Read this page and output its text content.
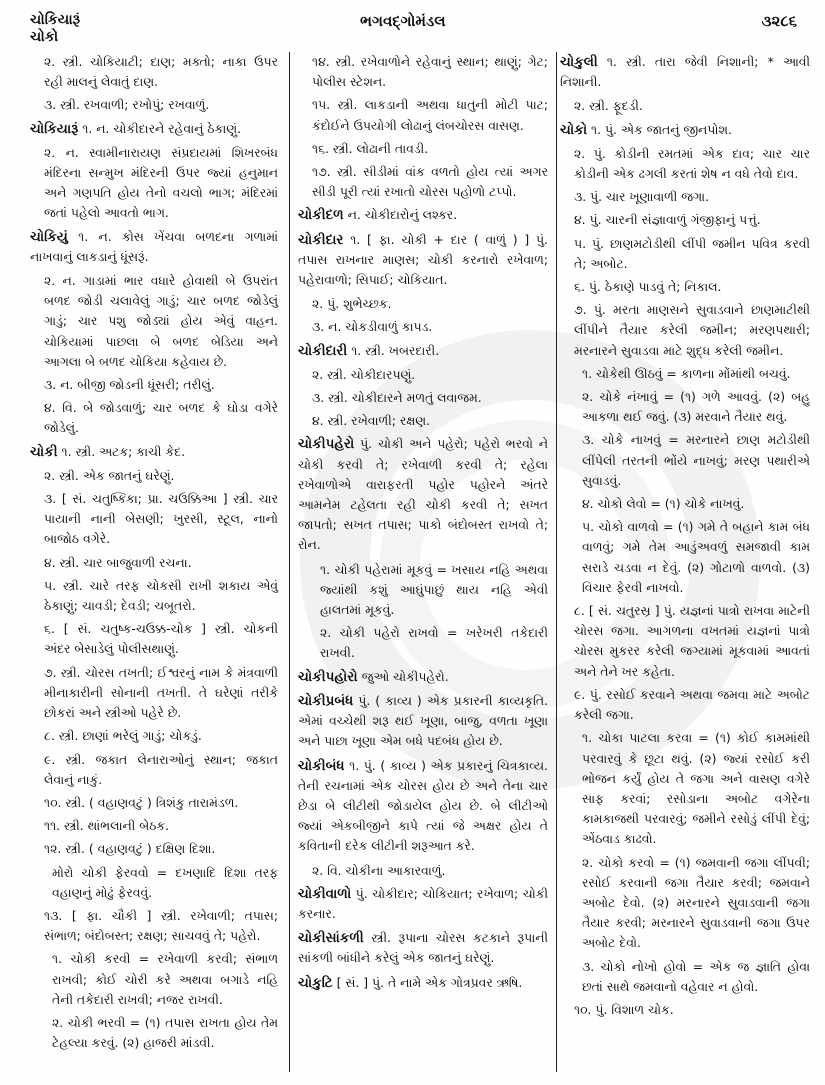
ચોકિયારૂં
ચોકો
ભગવદ્ગોમંડલ	૩૨૮૬
૨. સ્ત્રી. ચોકિયાટી; દાણ; મક્તો; નાકા ઉપર રહી માલનું લેવાતું દાણ.
૩. સ્ત્રી. રખવાળી; રખોપું; રખવાળું.
ચોકિયારૂં ૧. ન. ચોકીદારને રહેવાનું ઠેકાણું.
૨. ન. સ્વામીનારાયણ સંપ્રદાયમાં શિખરબંધ મંદિરના સન્મુખ મંદિરની ઉપર જ્યાં હનુમાન અને ગણપતિ હોય તેનો વચલો ભાગ; મંદિરમાં જતાં પહેલો આવતો ભાગ.
ચોકિયું ૧. ન. કોસ ખેંચવા બળદના ગળામાં નાખવાનું લાકડાનું ધૂંસરૂં.
૨. ન. ગાડામાં ભાર વધારે હોવાથી બે ઉપરાંત બળદ જોડી ચલાવેલું ગાડું; ચાર બળદ જોડેલું ગાડું; ચાર પશુ જોડ્યાં હોય એવું વાહન. ચોકિયામાં પાછલા બે બળદ બેડિયા અને આગલા બે બળદ ચોકિયા કહેવાય છે.
૩. ન. બીજી જોડની ધૂંસરી; તરીલું.
૪. વિ. બે જોડવાળું; ચાર બળદ કે ઘોડા વગેરે જોડેલું.
ચોકી ૧. સ્ત્રી. અટક; કાચી કેદ.
૨. સ્ત્રી. એક જાતનું ઘરેણું.
૩. [ સં. ચતુષ્કિકા; પ્રા. ચઉક્કિઆ ] સ્ત્રી. ચાર પાયાની નાની બેસણી; ખુરસી, સ્ટૂલ, નાનો બાજોઠ વગેરે.
૪. સ્ત્રી. ચાર બાજુવાળી રચના.
૫. સ્ત્રી. ચારે તરફ ચોકસી રાખી શકાય એવું ઠેકાણું; ચાવડી; દેવડી; ચબૂતરો.
૬. [ સં. ચતુષ્ક-ચઉક્ક-ચોક ] સ્ત્રી. ચોકની અંદર બેસાડેલું પોલીસથાણું.
૭. સ્ત્રી. ચોરસ તખતી; ઈશ્વરનું નામ કે મંત્રવાળી મીનાકારીની સોનાની તખતી. તે ઘરેણાં તરીકે છોકરાં અને સ્ત્રીઓ પહેરે છે.
૮. સ્ત્રી. છાણાં ભરેલું ગાડું; ચોકડું.
૯. સ્ત્રી. જકાત લેનારાઓનું સ્થાન; જકાત લેવાનું નાકું.
૧૦. સ્ત્રી. ( વહાણવટું ) ત્રિશંકુ તારામંડળ.
૧૧. સ્ત્રી. થાંભલાની બેઠક.
૧૨. સ્ત્રી. ( વહાણવટું ) દક્ષિણ દિશા.
મોરો ચોકી ફેરવવો = દખણાદિ દિશા તરફ વહાણનું મોઢું ફેરવવું.
૧૩. [ ફા. ચૌકી ] સ્ત્રી. રખેવાળી; તપાસ; સંભાળ; બંદોબસ્ત; રક્ષણ; સાચવવું તે; પહેરો.
૧. ચોકી કરવી = રખેવાળી કરવી; સંભાળ રાખવી; કોઈ ચોરી કરે અથવા બગાડે નહિ તેની તકેદારી રાખવી; નજર રાખવી.
૨. ચોકી ભરવી = (૧) તપાસ રાખતા હોય તેમ ટેહલ્યા કરવું. (૨) હાજરી માંડવી.
૧૪. સ્ત્રી. રખેવાળોને રહેવાનું સ્થાન; થાણું; ગેટ; પોલીસ સ્ટેશન.
૧૫. સ્ત્રી. લાકડાની અથવા ધાતુની મોટી પાટ; કંદોઈને ઉપયોગી લોઢાનું લંબચોરસ વાસણ.
૧૬. સ્ત્રી. લોઢાની તાવડી.
૧૭. સ્ત્રી. સીડીમાં વાંક વળતો હોય ત્યાં અગર સીડી પૂરી ત્યાં રખાતો ચોરસ પહોળો ટપ્પો.
ચોકીદળ ન. ચોકીદારોનું લશ્કર.
ચોકીદાર ૧. [ ફા. ચોકી + દાર ( વાળું ) ] પું. તપાસ રાખનાર માણસ; ચોકી કરનારો રખેવાળ; પહેરાવાળો; સિપાઈ; ચોકિયાત.
૨. પું. શુભેચ્છક.
૩. ન. ચોકડીવાળું કાપડ.
ચોકીદારી ૧. સ્ત્રી. ખબરદારી.
૨. સ્ત્રી. ચોકીદારપણું.
૩. સ્ત્રી. ચોકીદારને મળતું લવાજમ.
૪. સ્ત્રી. રખેવાળી; રક્ષણ.
ચોકીપહેરો પું. ચોકી અને પહેરો; પહેરો ભરવો ને ચોકી કરવી તે; રખેવાળી કરવી તે; રહેલા રખેવાળોએ વારાફરતી પહોર પહોરને અંતરે આમનેમ ટહેલતા રહી ચોકી કરવી તે; સખત જાપતો; સખત તપાસ; પાકો બંદોબસ્ત રાખવો તે; રોન.
૧. ચોકી પહેરામાં મૂકવું = ખસાય નહિ અથવા જ્યાંથી કશું આઘુંપાછું થાય નહિ એવી હાલતમાં મૂકવું.
૨. ચોકી પહેરો રાખવો = ખરેખરી તકેદારી રાખવી.
ચોકીપહોરો જુઓ ચોકીપહેરો.
ચોકીપ્રબંધ પું. ( કાવ્ય ) એક પ્રકારની કાવ્યકૃતિ. એમાં વચ્ચેથી શરૂ થઈ ખૂણા, બાજુ, વળતા ખૂણા અને પાછા ખૂણા એમ બધે પદબંધ હોય છે.
ચોકીબંધ ૧. પું. ( કાવ્ય ) એક પ્રકારનું ચિત્રકાવ્ય. તેની રચનામાં એક ચોરસ હોય છે અને તેના ચાર છેડા બે લીટીથી જોડાયેલ હોય છે. બે લીટીઓ જ્યાં એકબીજીને કાપે ત્યાં જે અક્ષર હોય તે કવિતાની દરેક લીટીની શરૂઆત કરે.
૨. વિ. ચોકીના આકારવાળું.
ચોકીવાળો પું. ચોકીદાર; ચોકિયાત; રખેવાળ; ચોકી કરનાર.
ચોકીસાંકળી સ્ત્રી. રૂપાના ચોરસ કટકાને રૂપાની સાંકળી બાંધીને કરેલું એક જાતનું ઘરેણું.
ચોકુટિ [ સં. ] પું. તે નામે એક ગોત્રપ્રવર ઋષિ.
ચોકુલી ૧. સ્ત્રી. તારા જેવી નિશાની; * આવી નિશાની.
૨. સ્ત્રી. ફૂદડી.
ચોકો ૧. પું. એક જાતનું જીનપોશ.
૨. પું. કોડીની રમતમાં એક દાવ; ચાર ચાર કોડીની એક ઢગલી કરતાં શેષ ન વધે તેવો દાવ.
૩. પું. ચાર ખૂણાવાળી જગા.
૪. પું. ચારની સંજ્ઞાવાળું ગંજીફાનું પત્તું.
૫. પું. છાણમટોડીથી લીંપી જમીન પવિત્ર કરવી તે; અબોટ.
૬. પું. ઠેકાણે પાડવું તે; નિકાલ.
૭. પું. મરતા માણસને સુવાડવાને છાણમાટીથી લીંપીને તૈયાર કરેલી જમીન; મરણપથારી; મરનારને સુવાડવા માટે શુદ્ધ કરેલી જમીન.
૧. ચોકેથી ઊઠવું = કાળના મોંમાંથી બચવું.
૨. ચોકે નંખાવું = (૧) ગળે આવવું. (૨) બહુ આકળા થઈ જવું. (૩) મરવાને તૈયાર થવું.
૩. ચોકે નાખવું = મરનારને છાણ મટોડીથી લીંપેલી તરતની ભોંયે નાખવું; મરણ પથારીએ સુવાડવું.
૪. ચોકો લેવો = (૧) ચોકે નાખવું.
૫. ચોકો વાળવો = (૧) ગમે તે બહાને કામ બંધ વાળવું; ગમે તેમ આડુંઅવળું સમજાવી કામ સરાડે ચડવા ન દેવું. (૨) ગોટાળો વાળવો. (૩) વિચાર ફેરવી નાખવો.
૮. [ સં. ચતુરસ્ર ] પું. યજ્ઞનાં પાત્રો રાખવા માટેની ચોરસ જગા. આગળના વખતમાં યજ્ઞનાં પાત્રો ચોરસ મુકરર કરેલી જગ્યામાં મૂકવામાં આવતાં અને તેને ખર કહેતા.
૯. પું. રસોઈ કરવાને અથવા જમવા માટે અબોટ કરેલી જગા.
૧. ચોકા પાટલા કરવા = (૧) કોઈ કામમાંથી પરવારવું કે છૂટા થવું. (૨) જ્યાં રસોઈ કરી ભોજન કર્યું હોય તે જગા અને વાસણ વગેરે સાફ કરવાં; રસોડાના અબોટ વગેરેના કામકાજથી પરવારવું; જમીને રસોડું લીંપી દેવું; એંઠવાડ કાઢવો.
૨. ચોકો કરવો = (૧) જમવાની જગા લીંપવી; રસોઈ કરવાની જગા તૈયાર કરવી; જમવાને અબોટ દેવો. (૨) મરનારને સુવાડવાની જગા તૈયાર કરવી; મરનારને સુવાડવાની જગા ઉપર અબોટ દેવો.
૩. ચોકો નોખો હોવો = એક જ જ્ઞાતિ હોવા છતાં સાથે જમવાનો વહેવાર ન હોવો.
૧૦. પું. વિશાળ ચોક.
